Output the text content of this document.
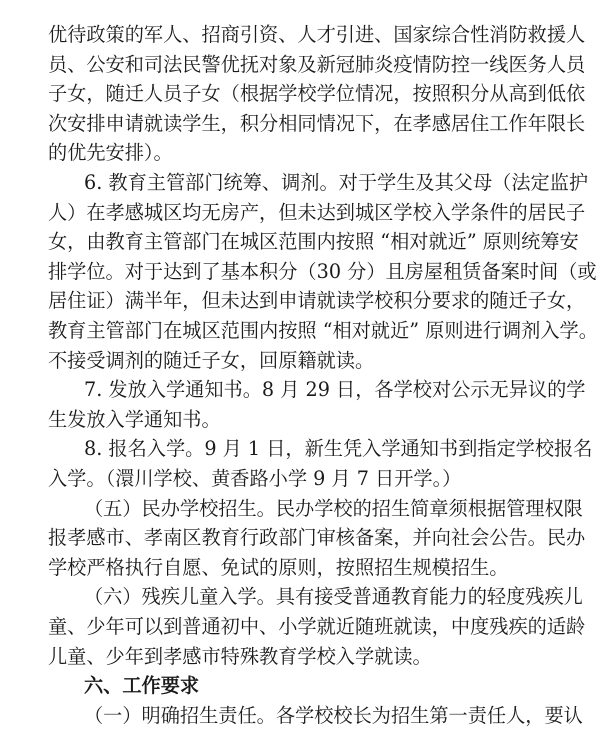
优待政策的军人、招商引资、人才引进、国家综合性消防救援人
员、公安和司法民警优抚对象及新冠肺炎疫情防控一线医务人员
子女，随迁人员子女（根据学校学位情况，按照积分从高到低依
次安排申请就读学生，积分相同情况下，在孝感居住工作年限长
的优先安排）。
6. 教育主管部门统筹、调剂。对于学生及其父母（法定监护
人）在孝感城区均无房产，但未达到城区学校入学条件的居民子
女，由教育主管部门在城区范围内按照 “相对就近” 原则统筹安
排学位。对于达到了基本积分（30 分）且房屋租赁备案时间（或
居住证）满半年，但未达到申请就读学校积分要求的随迁子女，
教育主管部门在城区范围内按照 “相对就近” 原则进行调剂入学。
不接受调剂的随迁子女，回原籍就读。
7. 发放入学通知书。8 月 29 日，各学校对公示无异议的学
生发放入学通知书。
8. 报名入学。9 月 1 日，新生凭入学通知书到指定学校报名
入学。（澴川学校、黄香路小学 9 月 7 日开学。）
（五）民办学校招生。民办学校的招生简章须根据管理权限
报孝感市、孝南区教育行政部门审核备案，并向社会公告。民办
学校严格执行自愿、免试的原则，按照招生规模招生。
（六）残疾儿童入学。具有接受普通教育能力的轻度残疾儿
童、少年可以到普通初中、小学就近随班就读，中度残疾的适龄
儿童、少年到孝感市特殊教育学校入学就读。
六、工作要求
（一）明确招生责任。各学校校长为招生第一责任人，要认
